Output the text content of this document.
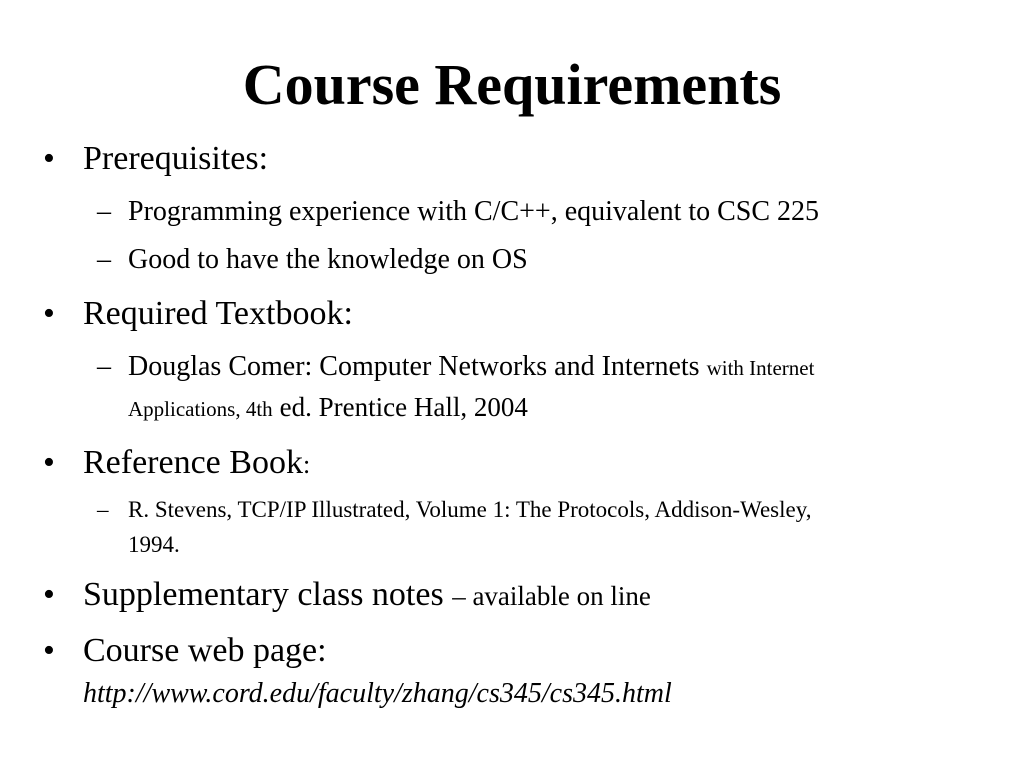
Course Requirements
• Prerequisites:
– Programming experience with C/C++, equivalent to CSC 225
– Good to have the knowledge on OS
• Required Textbook:
– Douglas Comer: Computer Networks and Internets with Internet
Applications, 4th ed. Prentice Hall, 2004
• Reference Book:
– R. Stevens, TCP/IP Illustrated, Volume 1: The Protocols, Addison-Wesley,
1994.
• Supplementary class notes – available on line
• Course web page:
http://www.cord.edu/faculty/zhang/cs345/cs345.html
